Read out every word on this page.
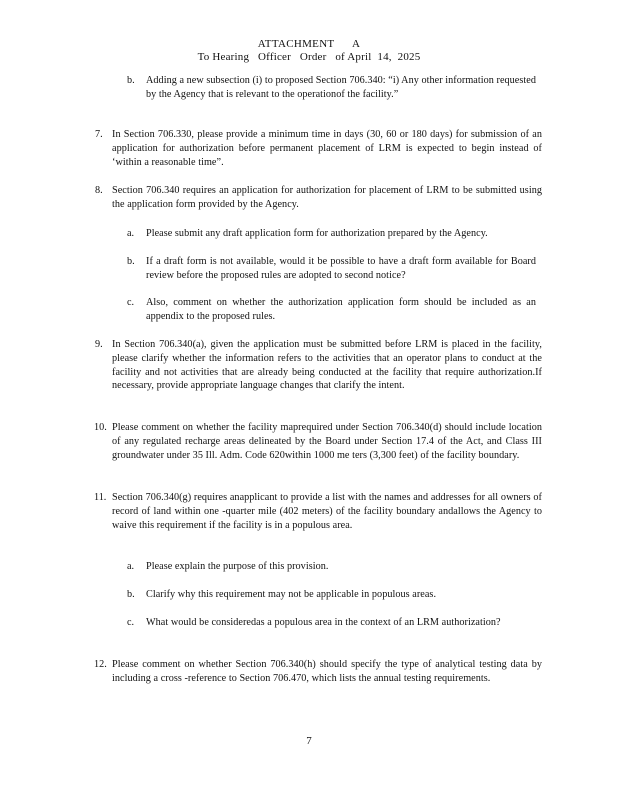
ATTACHMENT      A
To Hearing   Officer   Order   of April  14,  2025
b. Adding a new subsection (i) to proposed Section 706.340: “i) Any other information requested by the Agency that is relevant to the operationof the facility.”
7. In Section 706.330, please provide a minimum time in days (30, 60 or 180 days) for submission of an application for authorization before permanent placement of LRM is expected to begin instead of ‘within a reasonable time”.
8. Section 706.340 requires an application for authorization for placement of LRM to be submitted using the application form provided by the Agency.
a. Please submit any draft application form for authorization prepared by the Agency.
b. If a draft form is not available, would it be possible to have a draft form available for Board review before the proposed rules are adopted to second notice?
c. Also, comment on whether the authorization application form should be included as an appendix to the proposed rules.
9. In Section 706.340(a), given the application must be submitted before LRM is placed in the facility, please clarify whether the information refers to the activities that an operator plans to conduct at the facility and not activities that are already being conducted at the facility that require authorization.If necessary, provide appropriate language changes that clarify the intent.
10. Please comment on whether the facility maprequired under Section 706.340(d) should include location of any regulated recharge areas delineated by the Board under Section 17.4 of the Act, and Class III groundwater under 35 Ill. Adm. Code 620within 1000 me ters (3,300 feet) of the facility boundary.
11. Section 706.340(g) requires anapplicant to provide a list with the names and addresses for all owners of record of land within one -quarter mile (402 meters) of the facility boundary andallows the Agency to waive this requirement if the facility is in a populous area.
a. Please explain the purpose of this provision.
b. Clarify why this requirement may not be applicable in populous areas.
c. What would be consideredas a populous area in the context of an LRM authorization?
12. Please comment on whether Section 706.340(h) should specify the type of analytical testing data by including a cross -reference to Section 706.470, which lists the annual testing requirements.
7
